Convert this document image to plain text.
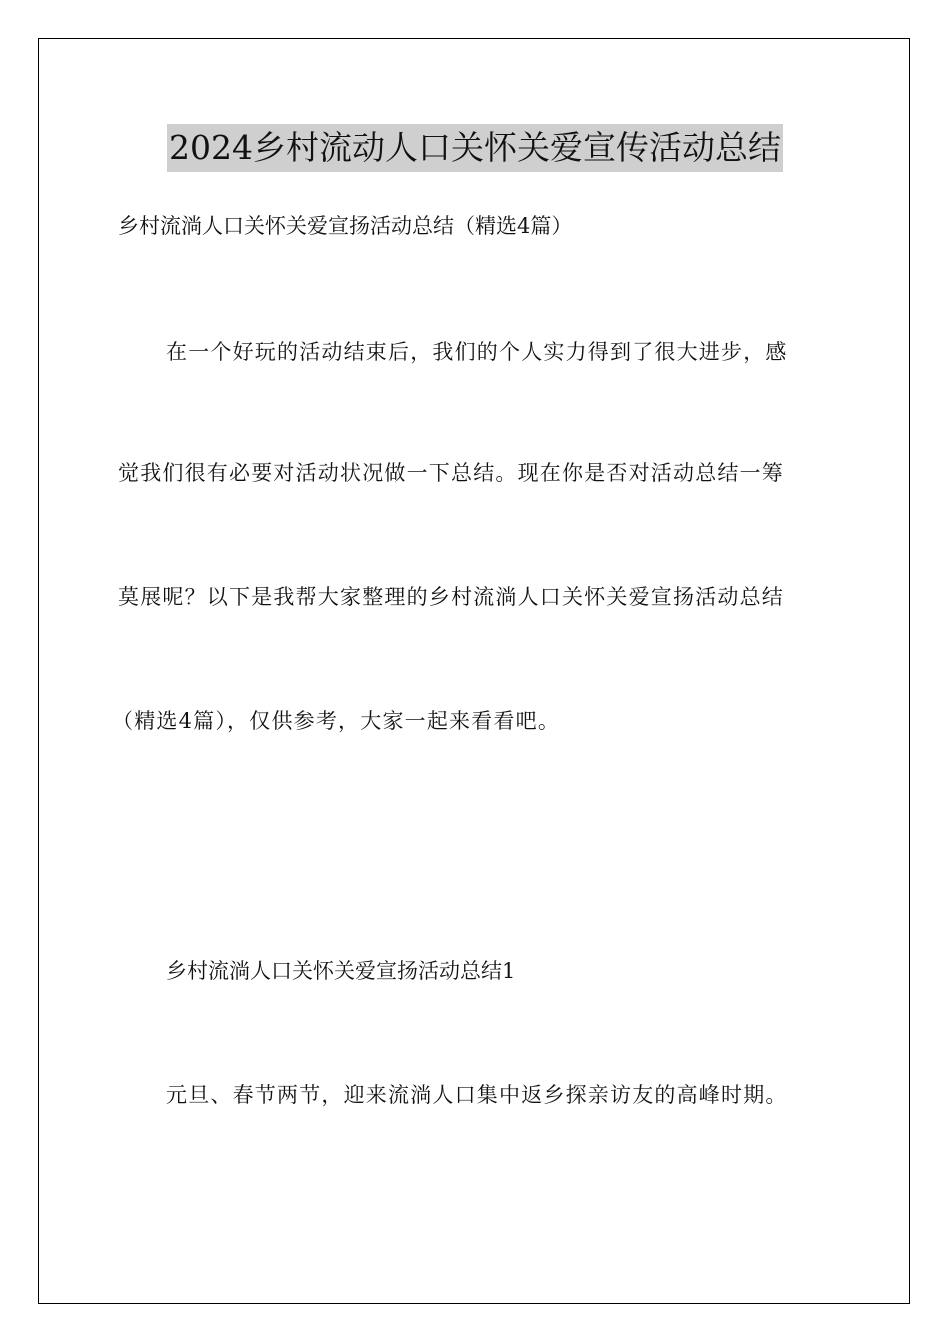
2024乡村流动人口关怀关爱宣传活动总结
乡村流淌人口关怀关爱宣扬活动总结（精选4篇）
在一个好玩的活动结束后，我们的个人实力得到了很大进步，感
觉我们很有必要对活动状况做一下总结。现在你是否对活动总结一筹
莫展呢？以下是我帮大家整理的乡村流淌人口关怀关爱宣扬活动总结
（精选4篇），仅供参考，大家一起来看看吧。
乡村流淌人口关怀关爱宣扬活动总结1
元旦、春节两节，迎来流淌人口集中返乡探亲访友的高峰时期。
